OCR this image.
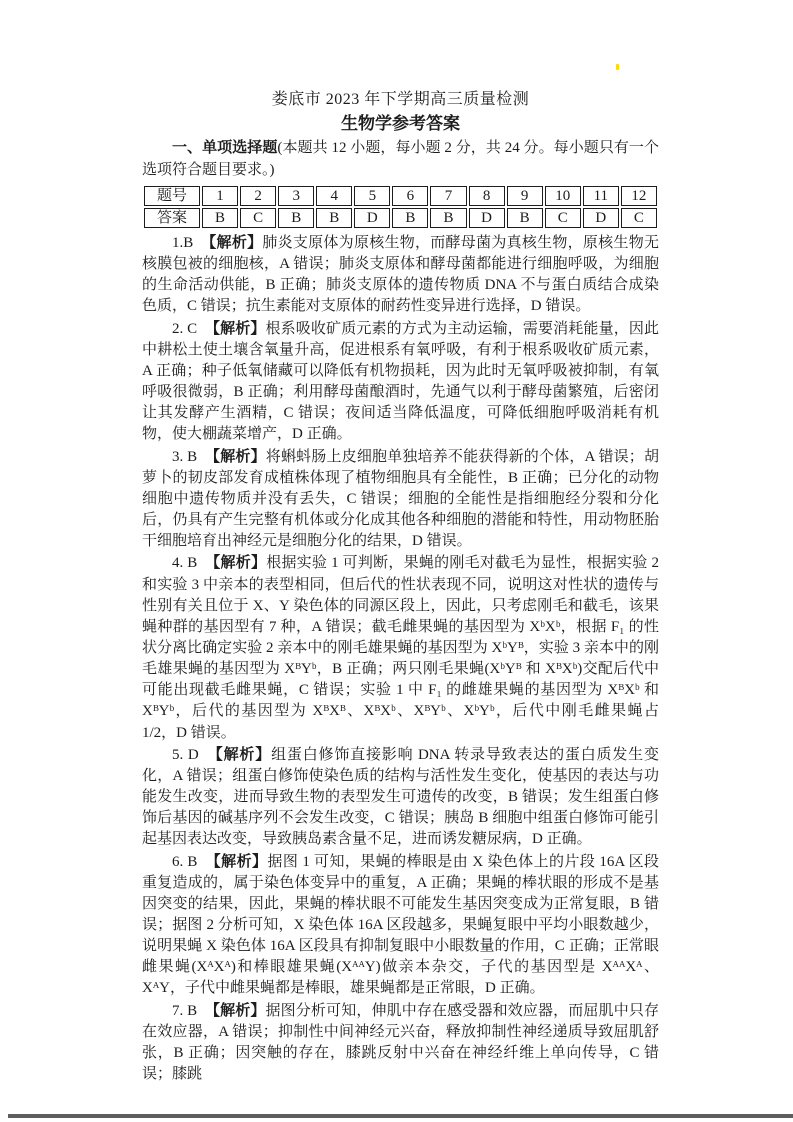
娄底市 2023 年下学期高三质量检测
生物学参考答案

一、单项选择题(本题共 12 小题，每小题 2 分，共 24 分。每小题只有一个选项符合题目要求。)

题号	1	2	3	4	5	6	7	8	9	10	11	12
答案	B	C	B	B	D	B	B	D	B	C	D	C

1.B 【解析】肺炎支原体为原核生物，而酵母菌为真核生物，原核生物无核膜包被的细胞核，A 错误；肺炎支原体和酵母菌都能进行细胞呼吸，为细胞的生命活动供能，B 正确；肺炎支原体的遗传物质 DNA 不与蛋白质结合成染色质，C 错误；抗生素能对支原体的耐药性变异进行选择，D 错误。

2. C 【解析】根系吸收矿质元素的方式为主动运输，需要消耗能量，因此中耕松土使土壤含氧量升高，促进根系有氧呼吸，有利于根系吸收矿质元素，A 正确；种子低氧储藏可以降低有机物损耗，因为此时无氧呼吸被抑制，有氧呼吸很微弱，B 正确；利用酵母菌酿酒时，先通气以利于酵母菌繁殖，后密闭让其发酵产生酒精，C 错误；夜间适当降低温度，可降低细胞呼吸消耗有机物，使大棚蔬菜增产，D 正确。

3. B 【解析】将蝌蚪肠上皮细胞单独培养不能获得新的个体，A 错误；胡萝卜的韧皮部发育成植株体现了植物细胞具有全能性，B 正确；已分化的动物细胞中遗传物质并没有丢失，C 错误；细胞的全能性是指细胞经分裂和分化后，仍具有产生完整有机体或分化成其他各种细胞的潜能和特性，用动物胚胎干细胞培育出神经元是细胞分化的结果，D 错误。

4. B 【解析】根据实验 1 可判断，果蝇的刚毛对截毛为显性，根据实验 2 和实验 3 中亲本的表型相同，但后代的性状表现不同，说明这对性状的遗传与性别有关且位于 X、Y 染色体的同源区段上，因此，只考虑刚毛和截毛，该果蝇种群的基因型有 7 种，A 错误；截毛雌果蝇的基因型为 XᵇXᵇ，根据 F₁ 的性状分离比确定实验 2 亲本中的刚毛雄果蝇的基因型为 XᵇYᴮ，实验 3 亲本中的刚毛雄果蝇的基因型为 XᴮYᵇ，B 正确；两只刚毛果蝇(XᵇYᴮ 和 XᴮXᵇ)交配后代中可能出现截毛雌果蝇，C 错误；实验 1 中 F₁ 的雌雄果蝇的基因型为 XᴮXᵇ 和 XᴮYᵇ，后代的基因型为 XᴮXᴮ、XᴮXᵇ、XᴮYᵇ、XᵇYᵇ，后代中刚毛雌果蝇占 1/2，D 错误。

5. D 【解析】组蛋白修饰直接影响 DNA 转录导致表达的蛋白质发生变化，A 错误；组蛋白修饰使染色质的结构与活性发生变化，使基因的表达与功能发生改变，进而导致生物的表型发生可遗传的改变，B 错误；发生组蛋白修饰后基因的碱基序列不会发生改变，C 错误；胰岛 B 细胞中组蛋白修饰可能引起基因表达改变，导致胰岛素含量不足，进而诱发糖尿病，D 正确。

6. B 【解析】据图 1 可知，果蝇的棒眼是由 X 染色体上的片段 16A 区段重复造成的，属于染色体变异中的重复，A 正确；果蝇的棒状眼的形成不是基因突变的结果，因此，果蝇的棒状眼不可能发生基因突变成为正常复眼，B 错误；据图 2 分析可知，X 染色体 16A 区段越多，果蝇复眼中平均小眼数越少，说明果蝇 X 染色体 16A 区段具有抑制复眼中小眼数量的作用，C 正确；正常眼雌果蝇(XᴬXᴬ)和棒眼雄果蝇(XᴬᴬY)做亲本杂交，子代的基因型是 XᴬᴬXᴬ、XᴬY，子代中雌果蝇都是棒眼，雄果蝇都是正常眼，D 正确。

7. B 【解析】据图分析可知，伸肌中存在感受器和效应器，而屈肌中只存在效应器，A 错误；抑制性中间神经元兴奋，释放抑制性神经递质导致屈肌舒张，B 正确；因突触的存在，膝跳反射中兴奋在神经纤维上单向传导，C 错误；膝跳
